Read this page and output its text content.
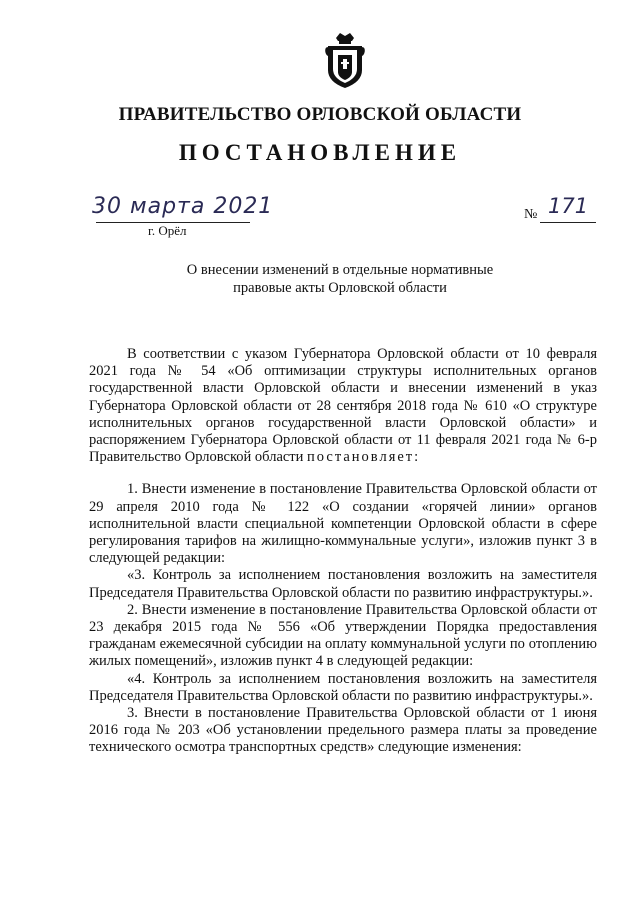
ПРАВИТЕЛЬСТВО ОРЛОВСКОЙ ОБЛАСТИ
ПОСТАНОВЛЕНИЕ
30 марта 2021
г. Орёл
№ 171
О внесении изменений в отдельные нормативные правовые акты Орловской области

В соответствии с указом Губернатора Орловской области от 10 февраля 2021 года № 54 «Об оптимизации структуры исполнительных органов государственной власти Орловской области и внесении изменений в указ Губернатора Орловской области от 28 сентября 2018 года № 610 «О структуре исполнительных органов государственной власти Орловской области» и распоряжением Губернатора Орловской области от 11 февраля 2021 года № 6-р Правительство Орловской области постановляет:

1. Внести изменение в постановление Правительства Орловской области от 29 апреля 2010 года № 122 «О создании «горячей линии» органов исполнительной власти специальной компетенции Орловской области в сфере регулирования тарифов на жилищно-коммунальные услуги», изложив пункт 3 в следующей редакции:

«3. Контроль за исполнением постановления возложить на заместителя Председателя Правительства Орловской области по развитию инфраструктуры.».

2. Внести изменение в постановление Правительства Орловской области от 23 декабря 2015 года № 556 «Об утверждении Порядка предоставления гражданам ежемесячной субсидии на оплату коммунальной услуги по отоплению жилых помещений», изложив пункт 4 в следующей редакции:

«4. Контроль за исполнением постановления возложить на заместителя Председателя Правительства Орловской области по развитию инфраструктуры.».

3. Внести в постановление Правительства Орловской области от 1 июня 2016 года № 203 «Об установлении предельного размера платы за проведение технического осмотра транспортных средств» следующие изменения:
